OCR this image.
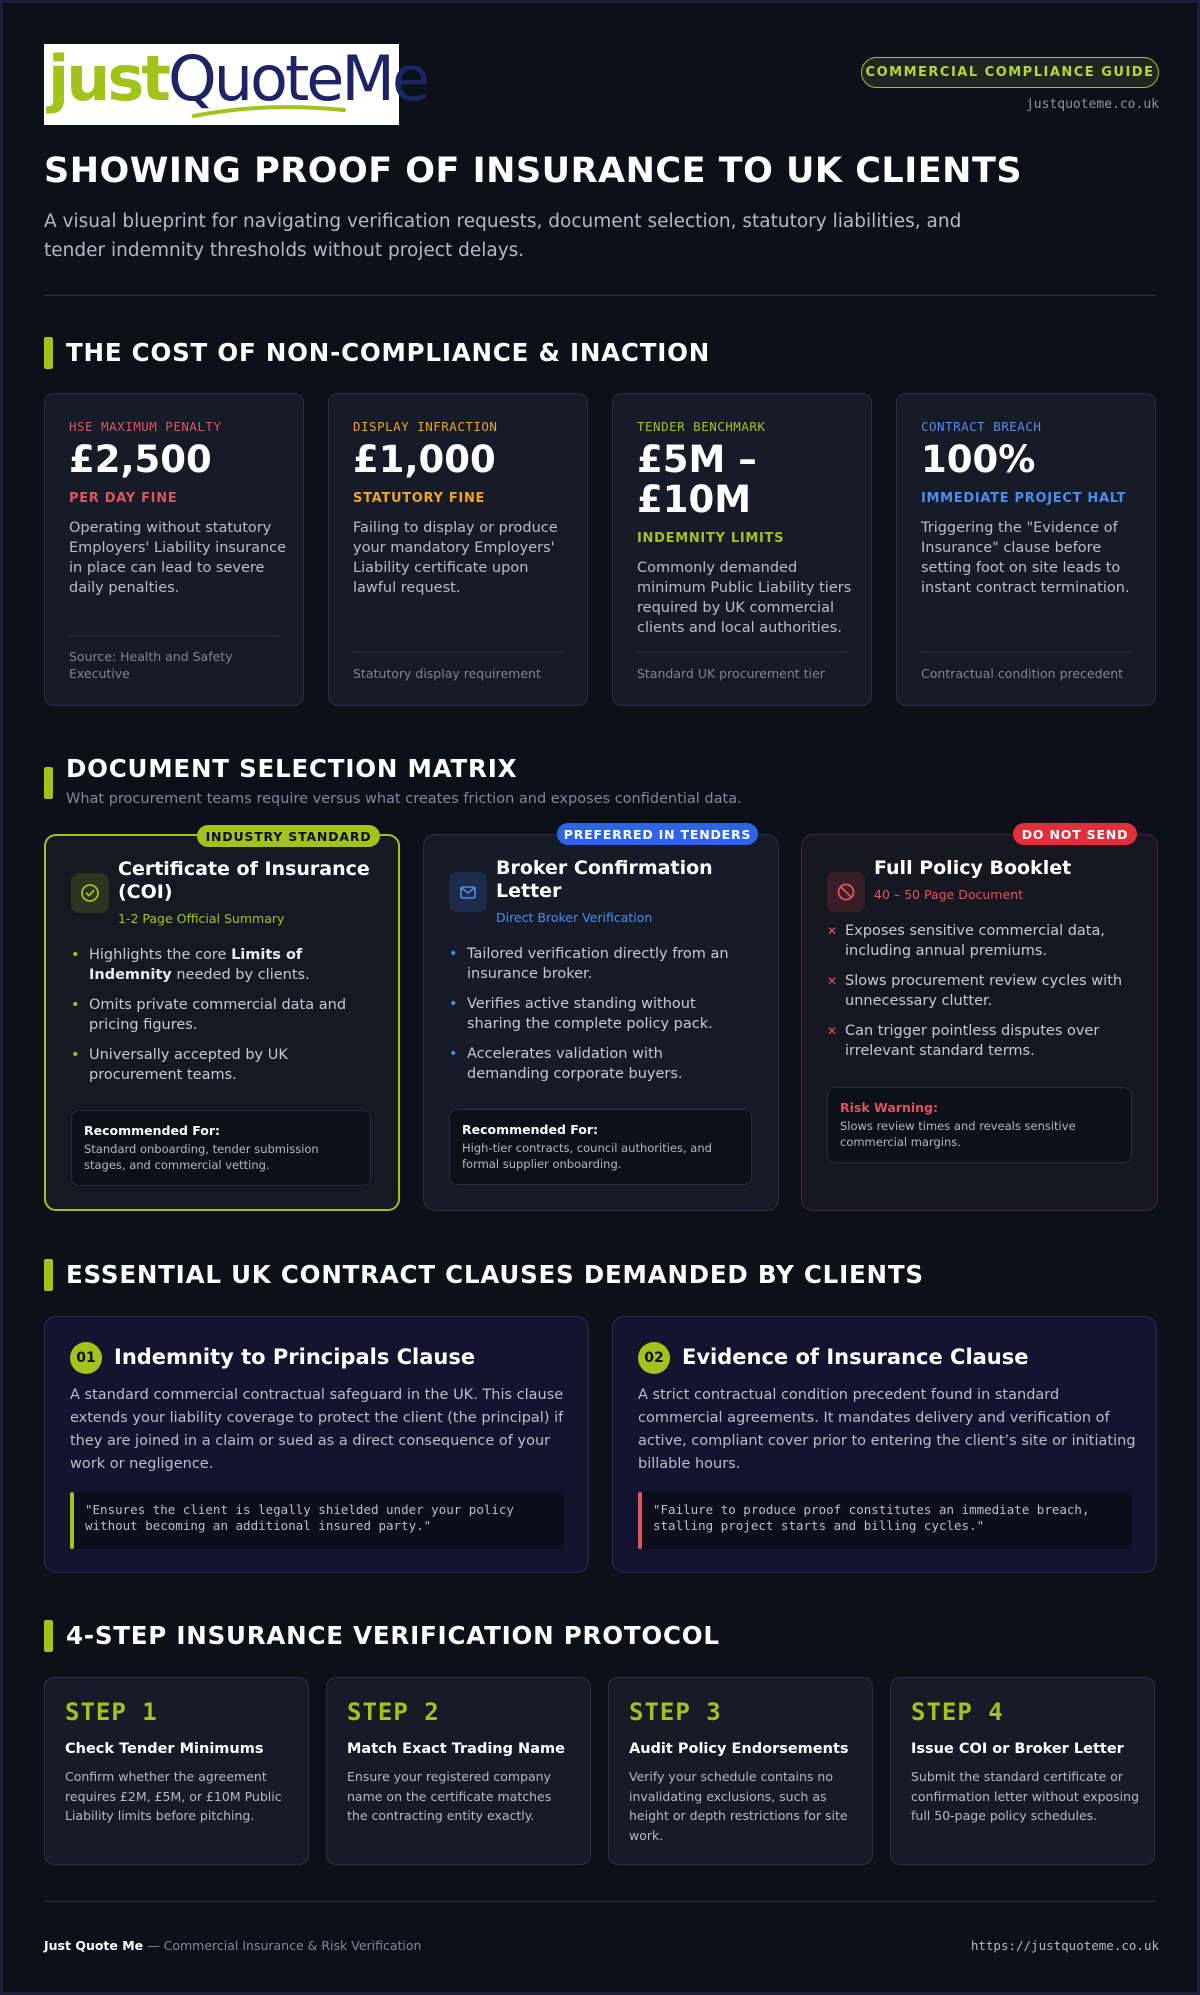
justQuoteMe	COMMERCIAL COMPLIANCE GUIDE
justquoteme.co.uk
SHOWING PROOF OF INSURANCE TO UK CLIENTS
A visual blueprint for navigating verification requests, document selection, statutory liabilities, and tender indemnity thresholds without project delays.
THE COST OF NON-COMPLIANCE & INACTION
HSE MAXIMUM PENALTY
£2,500
PER DAY FINE
Operating without statutory Employers' Liability insurance in place can lead to severe daily penalties.
Source: Health and Safety Executive
DISPLAY INFRACTION
£1,000
STATUTORY FINE
Failing to display or produce your mandatory Employers' Liability certificate upon lawful request.
Statutory display requirement
TENDER BENCHMARK
£5M – £10M
INDEMNITY LIMITS
Commonly demanded minimum Public Liability tiers required by UK commercial clients and local authorities.
Standard UK procurement tier
CONTRACT BREACH
100%
IMMEDIATE PROJECT HALT
Triggering the "Evidence of Insurance" clause before setting foot on site leads to instant contract termination.
Contractual condition precedent
DOCUMENT SELECTION MATRIX
What procurement teams require versus what creates friction and exposes confidential data.
INDUSTRY STANDARD
Certificate of Insurance (COI)
1-2 Page Official Summary
• Highlights the core Limits of Indemnity needed by clients.
• Omits private commercial data and pricing figures.
• Universally accepted by UK procurement teams.
Recommended For:
Standard onboarding, tender submission stages, and commercial vetting.
PREFERRED IN TENDERS
Broker Confirmation Letter
Direct Broker Verification
• Tailored verification directly from an insurance broker.
• Verifies active standing without sharing the complete policy pack.
• Accelerates validation with demanding corporate buyers.
Recommended For:
High-tier contracts, council authorities, and formal supplier onboarding.
DO NOT SEND
Full Policy Booklet
40 – 50 Page Document
✕ Exposes sensitive commercial data, including annual premiums.
✕ Slows procurement review cycles with unnecessary clutter.
✕ Can trigger pointless disputes over irrelevant standard terms.
Risk Warning:
Slows review times and reveals sensitive commercial margins.
ESSENTIAL UK CONTRACT CLAUSES DEMANDED BY CLIENTS
01 Indemnity to Principals Clause
A standard commercial contractual safeguard in the UK. This clause extends your liability coverage to protect the client (the principal) if they are joined in a claim or sued as a direct consequence of your work or negligence.
"Ensures the client is legally shielded under your policy without becoming an additional insured party."
02 Evidence of Insurance Clause
A strict contractual condition precedent found in standard commercial agreements. It mandates delivery and verification of active, compliant cover prior to entering the client’s site or initiating billable hours.
"Failure to produce proof constitutes an immediate breach, stalling project starts and billing cycles."
4-STEP INSURANCE VERIFICATION PROTOCOL
STEP 1
Check Tender Minimums
Confirm whether the agreement requires £2M, £5M, or £10M Public Liability limits before pitching.
STEP 2
Match Exact Trading Name
Ensure your registered company name on the certificate matches the contracting entity exactly.
STEP 3
Audit Policy Endorsements
Verify your schedule contains no invalidating exclusions, such as height or depth restrictions for site work.
STEP 4
Issue COI or Broker Letter
Submit the standard certificate or confirmation letter without exposing full 50-page policy schedules.
Just Quote Me — Commercial Insurance & Risk Verification	https://justquoteme.co.uk
